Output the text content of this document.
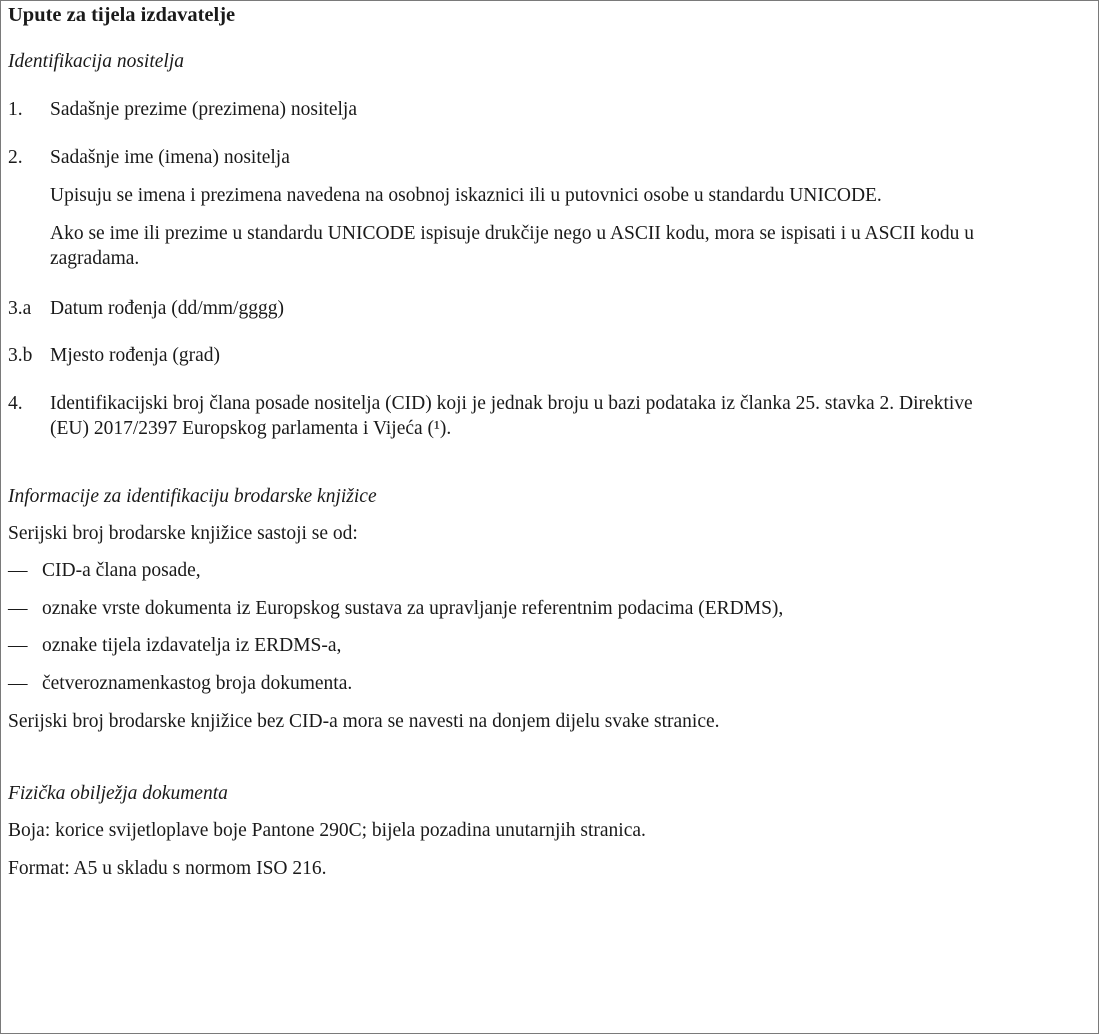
Upute za tijela izdavatelje
Identifikacija nositelja
1. Sadašnje prezime (prezimena) nositelja
2. Sadašnje ime (imena) nositelja
Upisuju se imena i prezimena navedena na osobnoj iskaznici ili u putovnici osobe u standardu UNICODE.
Ako se ime ili prezime u standardu UNICODE ispisuje drukčije nego u ASCII kodu, mora se ispisati i u ASCII kodu u
zagradama.
3.a Datum rođenja (dd/mm/gggg)
3.b Mjesto rođenja (grad)
4. Identifikacijski broj člana posade nositelja (CID) koji je jednak broju u bazi podataka iz članka 25. stavka 2. Direktive
(EU) 2017/2397 Europskog parlamenta i Vijeća (¹).
Informacije za identifikaciju brodarske knjižice
Serijski broj brodarske knjižice sastoji se od:
— CID-a člana posade,
— oznake vrste dokumenta iz Europskog sustava za upravljanje referentnim podacima (ERDMS),
— oznake tijela izdavatelja iz ERDMS-a,
— četveroznamenkastog broja dokumenta.
Serijski broj brodarske knjižice bez CID-a mora se navesti na donjem dijelu svake stranice.
Fizička obilježja dokumenta
Boja: korice svijetloplave boje Pantone 290C; bijela pozadina unutarnjih stranica.
Format: A5 u skladu s normom ISO 216.
